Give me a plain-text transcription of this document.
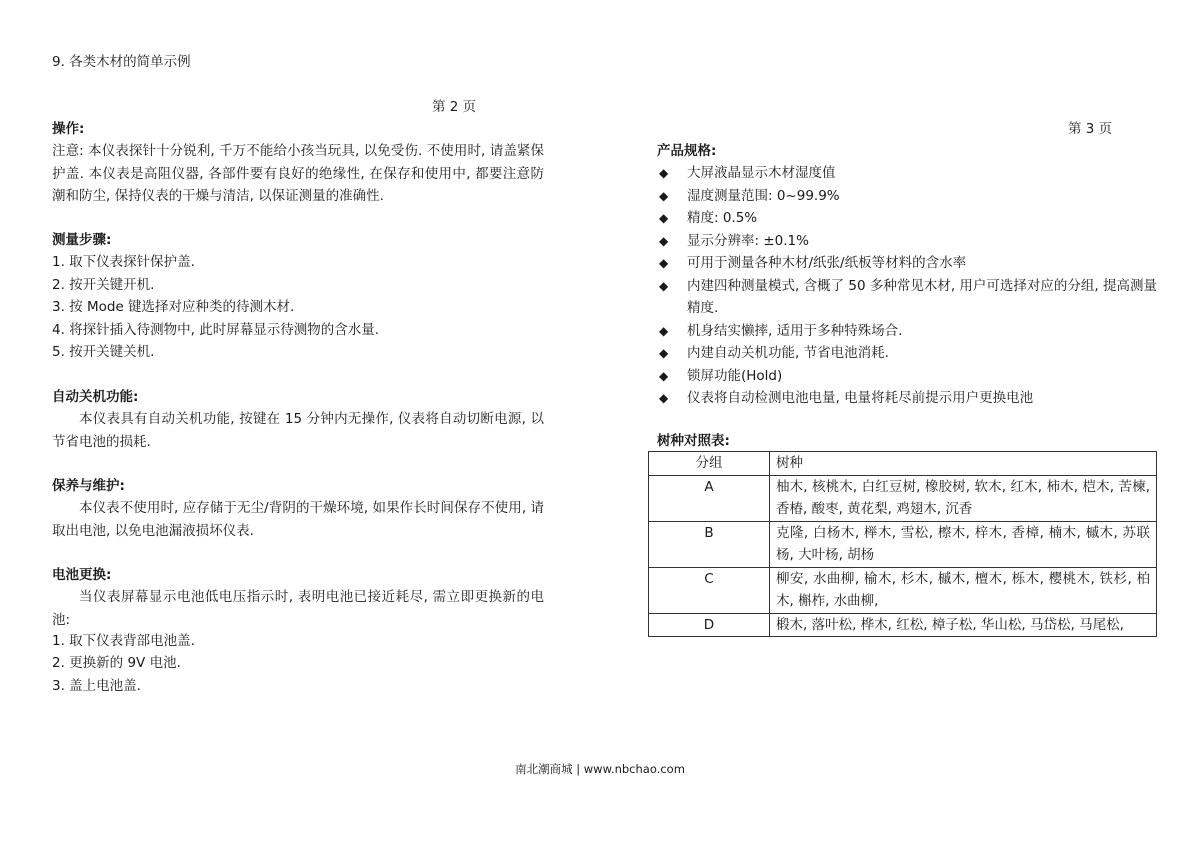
9. 各类木材的简单示例
第 2 页
操作:
注意: 本仪表探针十分锐利, 千万不能给小孩当玩具, 以免受伤. 不使用时, 请盖紧保护盖. 本仪表是高阻仪器, 各部件要有良好的绝缘性, 在保存和使用中, 都要注意防潮和防尘, 保持仪表的干燥与清洁, 以保证测量的准确性.
测量步骤:
1. 取下仪表探针保护盖.
2. 按开关键开机.
3. 按 Mode 键选择对应种类的待测木材.
4. 将探针插入待测物中, 此时屏幕显示待测物的含水量.
5. 按开关键关机.
自动关机功能:
本仪表具有自动关机功能, 按键在 15 分钟内无操作, 仪表将自动切断电源, 以节省电池的损耗.
保养与维护:
本仪表不使用时, 应存储于无尘/背阴的干燥环境, 如果作长时间保存不使用, 请取出电池, 以免电池漏液损坏仪表.
电池更换:
当仪表屏幕显示电池低电压指示时, 表明电池已接近耗尽, 需立即更换新的电池:
1. 取下仪表背部电池盖.
2. 更换新的 9V 电池.
3. 盖上电池盖.
第 3 页
产品规格:
◆ 大屏液晶显示木材湿度值
◆ 湿度测量范围: 0~99.9%
◆ 精度: 0.5%
◆ 显示分辨率: ±0.1%
◆ 可用于测量各种木材/纸张/纸板等材料的含水率
◆ 内建四种测量模式, 含概了 50 多种常见木材, 用户可选择对应的分组, 提高测量精度.
◆ 机身结实懒摔, 适用于多种特殊场合.
◆ 内建自动关机功能, 节省电池消耗.
◆ 锁屏功能(Hold)
◆ 仪表将自动检测电池电量, 电量将耗尽前提示用户更换电池
树种对照表:
分组	树种
A	柚木, 核桃木, 白红豆树, 橡胶树, 软木, 红木, 柿木, 桤木, 苦楝, 香椿, 酸枣, 黄花梨, 鸡翅木, 沉香
B	克隆, 白杨木, 榉木, 雪松, 檫木, 梓木, 香樟, 楠木, 槭木, 苏联杨, 大叶杨, 胡杨
C	柳安, 水曲柳, 榆木, 杉木, 槭木, 檀木, 栎木, 樱桃木, 铁杉, 柏木, 槲柞, 水曲柳,
D	椴木, 落叶松, 桦木, 红松, 樟子松, 华山松, 马岱松, 马尾松,
南北潮商城 | www.nbchao.com
